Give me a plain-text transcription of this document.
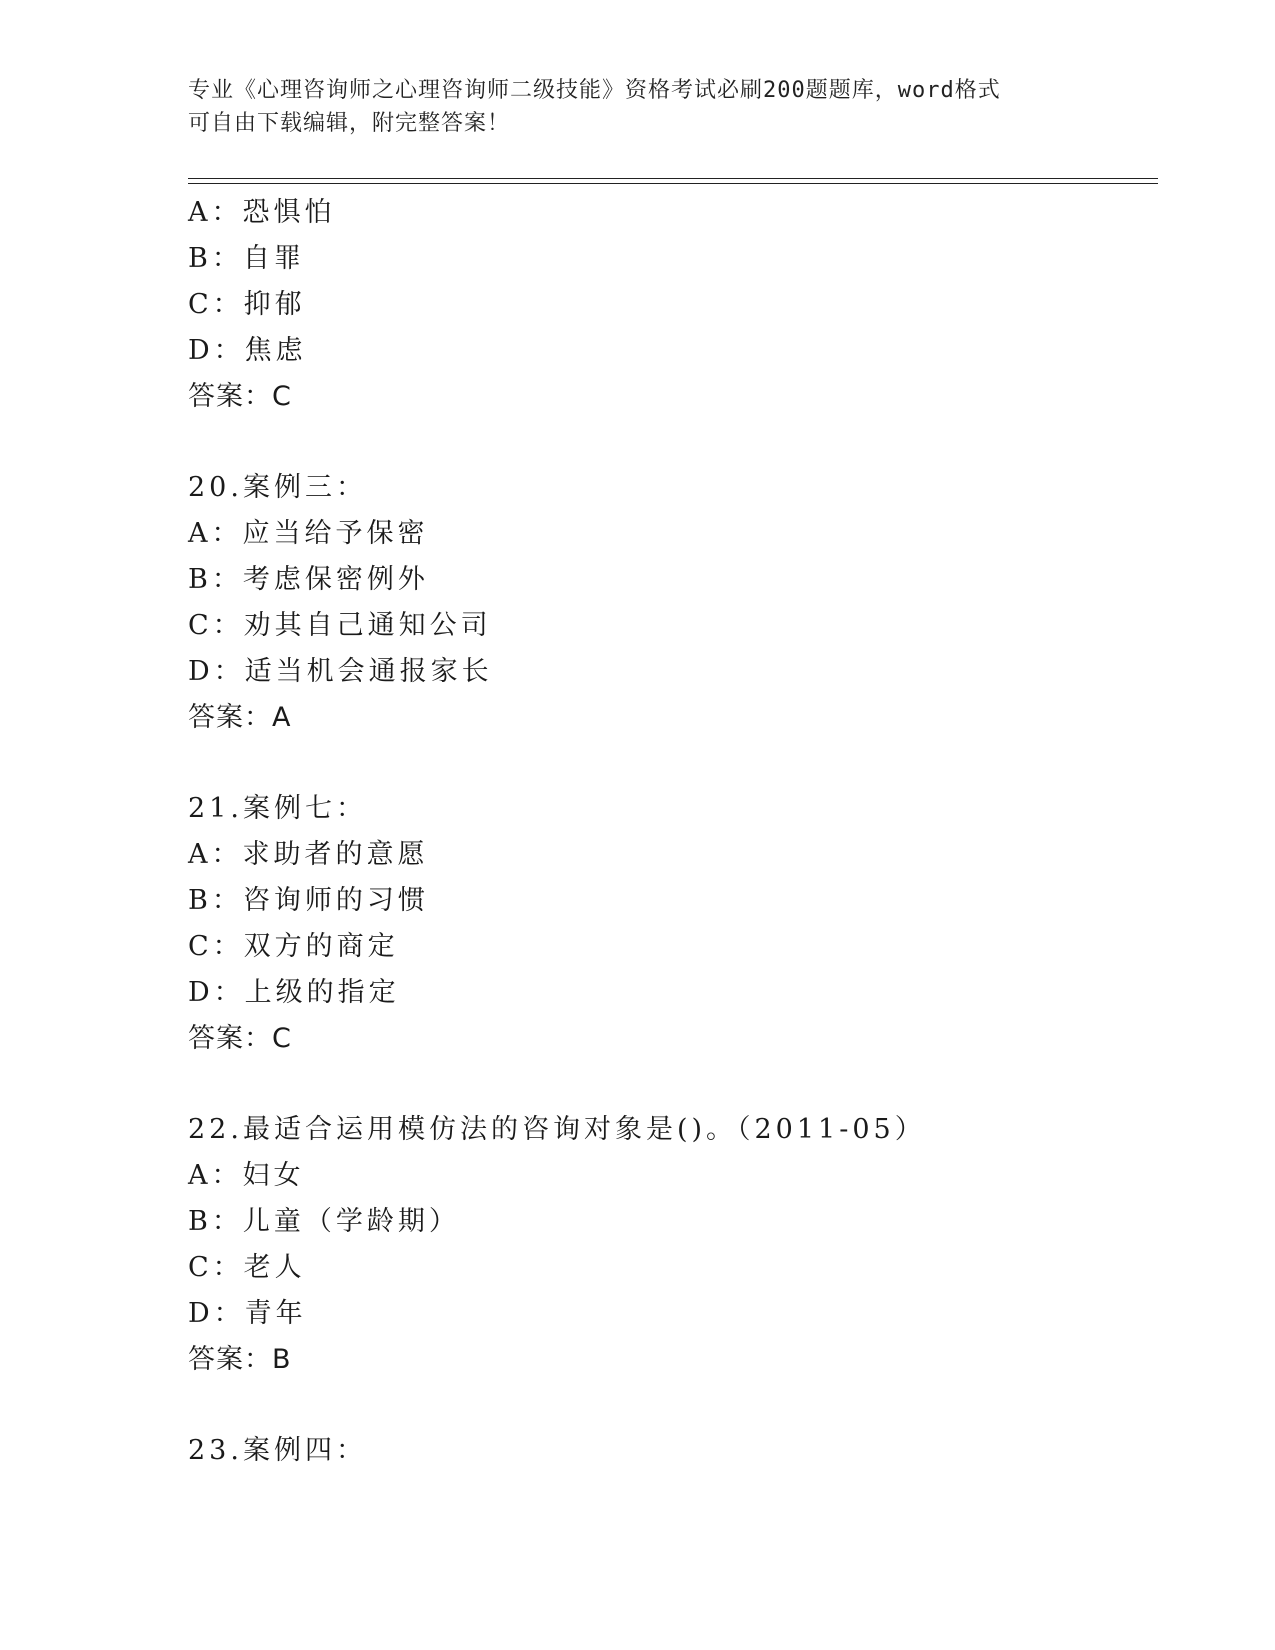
专业《心理咨询师之心理咨询师二级技能》资格考试必刷200题题库，word格式
可自由下载编辑，附完整答案！
A：恐惧怕
B：自罪
C：抑郁
D：焦虑
答案：C
20.案例三：
A：应当给予保密
B：考虑保密例外
C：劝其自己通知公司
D：适当机会通报家长
答案：A
21.案例七：
A：求助者的意愿
B：咨询师的习惯
C：双方的商定
D：上级的指定
答案：C
22.最适合运用模仿法的咨询对象是()。（2011-05）
A：妇女
B：儿童（学龄期）
C：老人
D：青年
答案：B
23.案例四：
